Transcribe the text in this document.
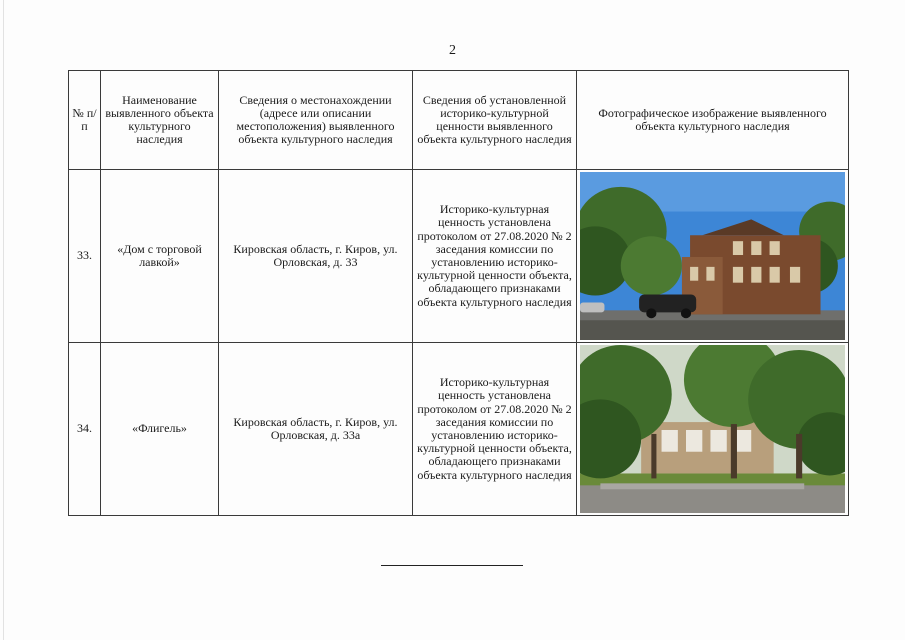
2
№ п/п	Наименование выявленного объекта культурного наследия	Сведения о местонахождении (адресе или описании местоположения) выявленного объекта культурного наследия	Сведения об установленной историко-культурной ценности выявленного объекта культурного наследия	Фотографическое изображение выявленного объекта культурного наследия
33.	«Дом с торговой лавкой»	Кировская область, г. Киров, ул. Орловская, д. 33	Историко-культурная ценность установлена протоколом от 27.08.2020 № 2 заседания комиссии по установлению историко-культурной ценности объекта, обладающего признаками объекта культурного наследия	

34.	«Флигель»	Кировская область, г. Киров, ул. Орловская, д. 33а	Историко-культурная ценность установлена протоколом от 27.08.2020 № 2 заседания комиссии по установлению историко-культурной ценности объекта, обладающего признаками объекта культурного наследия	
